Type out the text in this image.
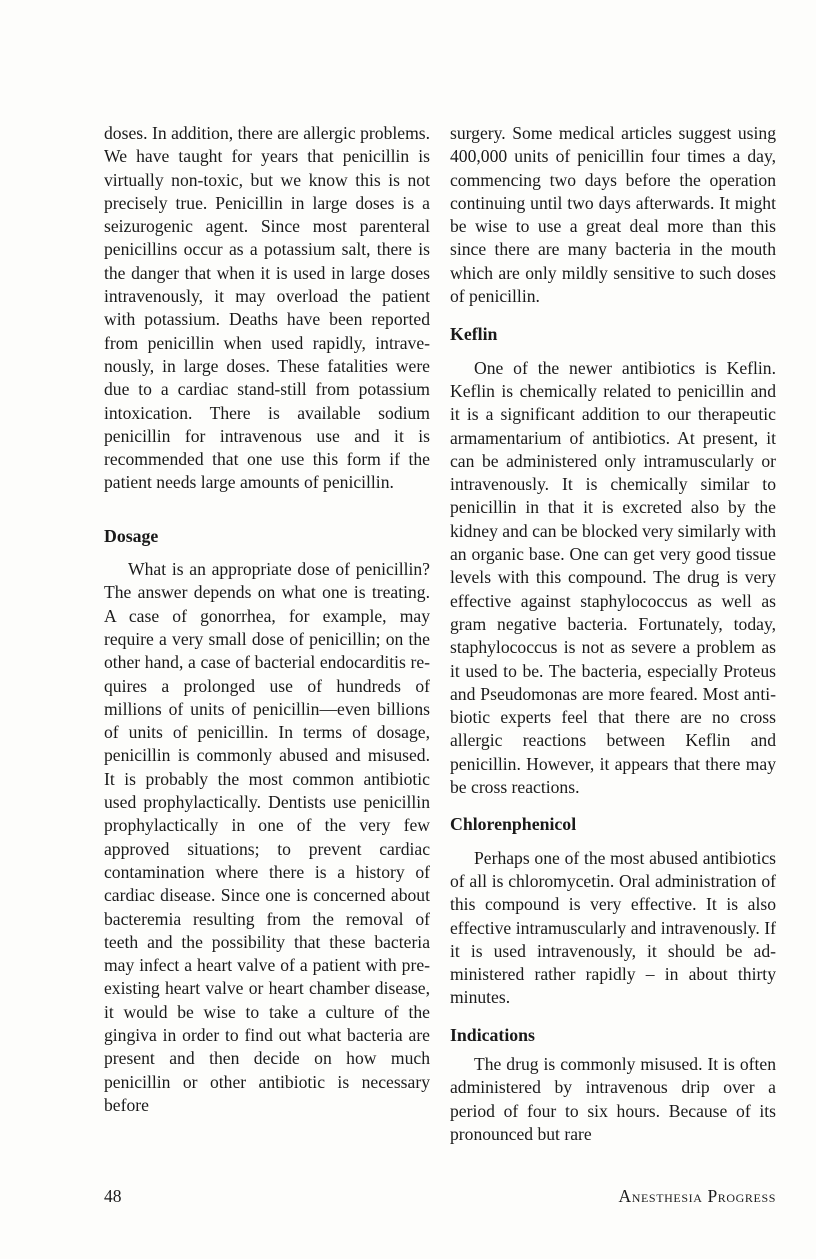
doses. In addition, there are allergic problems. We have taught for years that penicillin is virtually non-toxic, but we know this is not precisely true. Penicillin in large doses is a seizurogenic agent. Since most parenteral penicillins occur as a potassium salt, there is the danger that when it is used in large doses intravenously, it may overload the patient with potassium. Deaths have been reported from penicillin when used rapidly, intravenously, in large doses. These fatalities were due to a cardiac stand-still from potassium intoxication. There is available sodium penicillin for intravenous use and it is recommended that one use this form if the patient needs large amounts of penicillin.

Dosage

What is an appropriate dose of penicillin? The answer depends on what one is treating. A case of gonorrhea, for example, may require a very small dose of penicillin; on the other hand, a case of bacterial endocarditis requires a prolonged use of hundreds of millions of units of penicillin—even billions of units of penicillin. In terms of dosage, penicillin is commonly abused and misused. It is probably the most common antibiotic used prophylactically. Dentists use penicillin prophylactically in one of the very few approved situations; to prevent cardiac contamination where there is a history of cardiac disease. Since one is concerned about bacteremia resulting from the removal of teeth and the possibility that these bacteria may infect a heart valve of a patient with preexisting heart valve or heart chamber disease, it would be wise to take a culture of the gingiva in order to find out what bacteria are present and then decide on how much penicillin or other antibiotic is necessary before

surgery. Some medical articles suggest using 400,000 units of penicillin four times a day, commencing two days before the operation continuing until two days afterwards. It might be wise to use a great deal more than this since there are many bacteria in the mouth which are only mildly sensitive to such doses of penicillin.

Keflin

One of the newer antibiotics is Keflin. Keflin is chemically related to penicillin and it is a significant addition to our therapeutic armamentarium of antibiotics. At present, it can be administered only intramuscularly or intravenously. It is chemically similar to penicillin in that it is excreted also by the kidney and can be blocked very similarly with an organic base. One can get very good tissue levels with this compound. The drug is very effective against staphylococcus as well as gram negative bacteria. Fortunately, today, staphylococcus is not as severe a problem as it used to be. The bacteria, especially Proteus and Pseudomonas are more feared. Most antibiotic experts feel that there are no cross allergic reactions between Keflin and penicillin. However, it appears that there may be cross reactions.

Chlorenphenicol

Perhaps one of the most abused antibiotics of all is chloromycetin. Oral administration of this compound is very effective. It is also effective intramuscularly and intravenously. If it is used intravenously, it should be administered rather rapidly – in about thirty minutes.

Indications

The drug is commonly misused. It is often administered by intravenous drip over a period of four to six hours. Because of its pronounced but rare

48	Anesthesia Progress
